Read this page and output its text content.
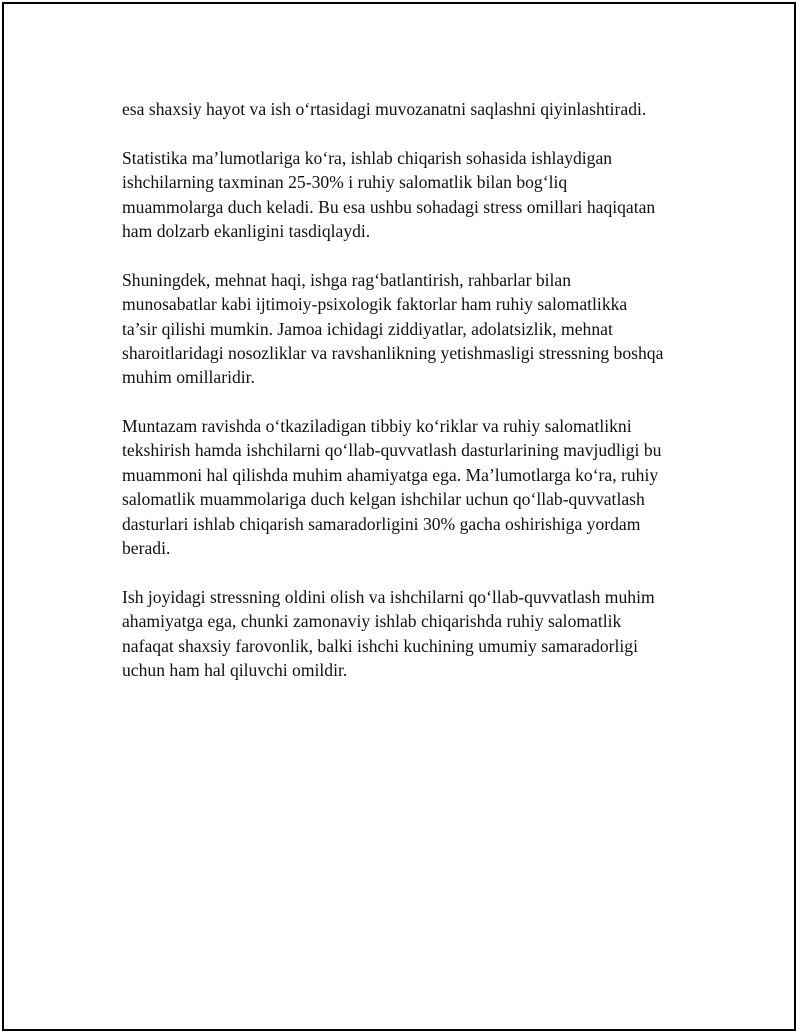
esa shaxsiy hayot va ish o‘rtasidagi muvozanatni saqlashni qiyinlashtiradi.

Statistika ma’lumotlariga ko‘ra, ishlab chiqarish sohasida ishlaydigan
ishchilarning taxminan 25-30% i ruhiy salomatlik bilan bog‘liq
muammolarga duch keladi. Bu esa ushbu sohadagi stress omillari haqiqatan
ham dolzarb ekanligini tasdiqlaydi.

Shuningdek, mehnat haqi, ishga rag‘batlantirish, rahbarlar bilan
munosabatlar kabi ijtimoiy-psixologik faktorlar ham ruhiy salomatlikka
ta’sir qilishi mumkin. Jamoa ichidagi ziddiyatlar, adolatsizlik, mehnat
sharoitlaridagi nosozliklar va ravshanlikning yetishmasligi stressning boshqa
muhim omillaridir.

Muntazam ravishda o‘tkaziladigan tibbiy ko‘riklar va ruhiy salomatlikni
tekshirish hamda ishchilarni qo‘llab-quvvatlash dasturlarining mavjudligi bu
muammoni hal qilishda muhim ahamiyatga ega. Ma’lumotlarga ko‘ra, ruhiy
salomatlik muammolariga duch kelgan ishchilar uchun qo‘llab-quvvatlash
dasturlari ishlab chiqarish samaradorligini 30% gacha oshirishiga yordam
beradi.

Ish joyidagi stressning oldini olish va ishchilarni qo‘llab-quvvatlash muhim
ahamiyatga ega, chunki zamonaviy ishlab chiqarishda ruhiy salomatlik
nafaqat shaxsiy farovonlik, balki ishchi kuchining umumiy samaradorligi
uchun ham hal qiluvchi omildir.
